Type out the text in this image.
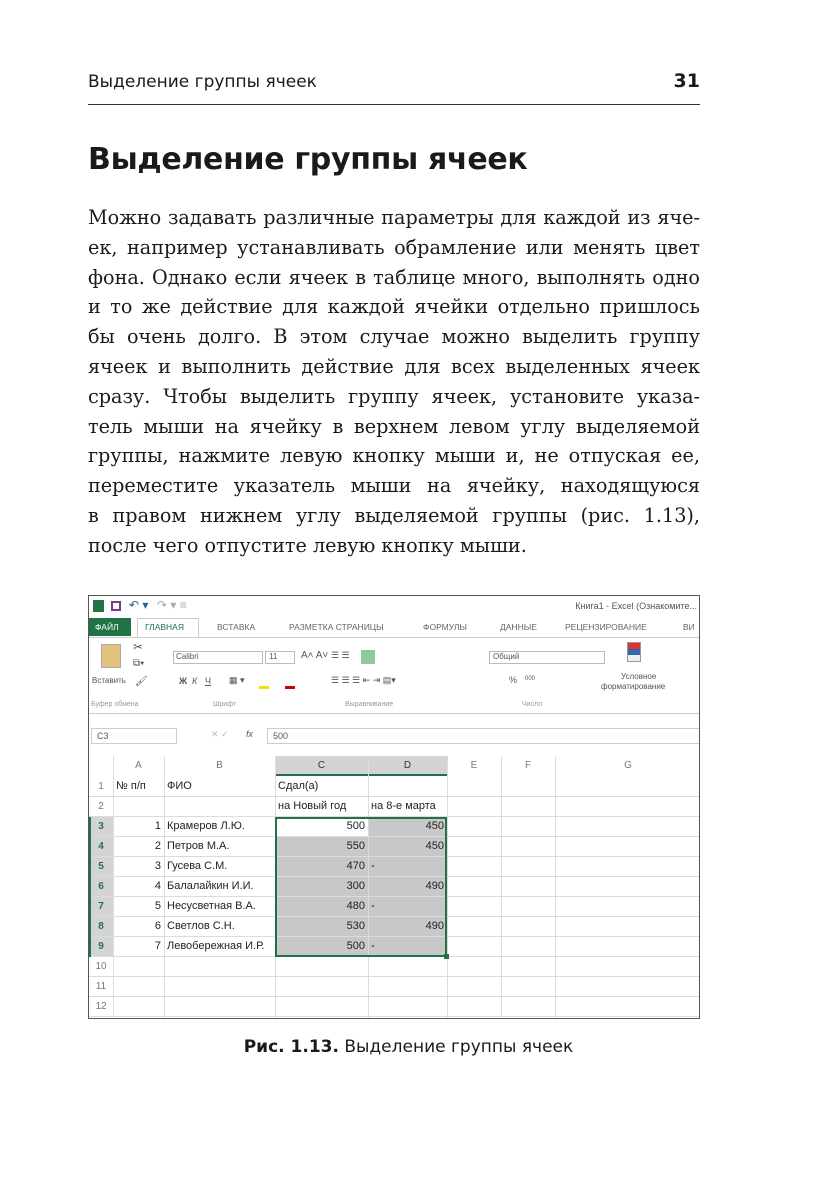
Выделение группы ячеек	31
Выделение группы ячеек
Можно задавать различные параметры для каждой из яче-
ек, например устанавливать обрамление или менять цвет
фона. Однако если ячеек в таблице много, выполнять одно
и то же действие для каждой ячейки отдельно пришлось
бы очень долго. В этом случае можно выделить группу
ячеек и выполнить действие для всех выделенных ячеек
сразу. Чтобы выделить группу ячеек, установите указа-
тель мыши на ячейку в верхнем левом углу выделяемой
группы, нажмите левую кнопку мыши и, не отпуская ее,
переместите указатель мыши на ячейку, находящуюся
в правом нижнем углу выделяемой группы (рис. 1.13),
после чего отпустите левую кнопку мыши.
↶ ▾ ↷ ▾ ≡	Книга1 - Excel (Ознакомите...
ФАЙЛ	ГЛАВНАЯ	ВСТАВКА	РАЗМЕТКА СТРАНИЦЫ	ФОРМУЛЫ	ДАННЫЕ	РЕЦЕНЗИРОВАНИЕ	ВИ
Вставить
✂
⧉▾
🖌
Calibri	11 A˄ A˅
Ж К Ч ▦ ▾
☰ ☰
☰ ☰ ☰ ⇤ ⇥ ▤▾
Общий
% 000	Условное
форматирование
Буфер обмена	Шрифт	Выравнивание	Число
C3	✕ ✓ fx 500
A	B	C	D	E	F	G
1
2
3
4
5
6
7
8
9
10
11
12
№ п/п	ФИО	Сдал(а)
на Новый год	на 8-е марта
1 Крамеров Л.Ю.	500	450
2 Петров М.А.	550	450
3 Гусева С.М.	470 -
4 Балалайкин И.И.	300	490
5 Несусветная В.А.	480 -
6 Светлов С.Н.	530	490
7 Левобережная И.Р.	500 -
Рис. 1.13. Выделение группы ячеек
